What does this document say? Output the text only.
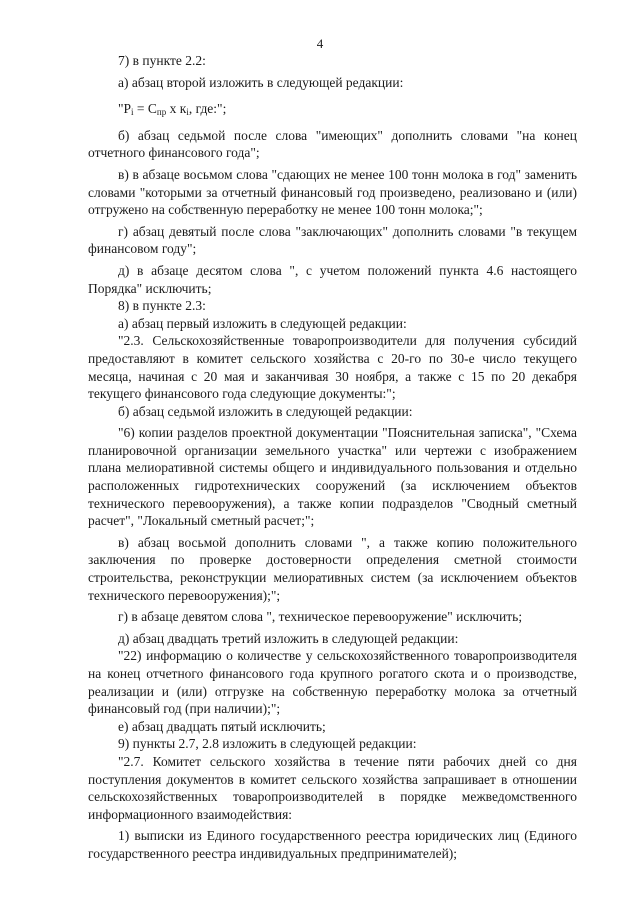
4

7) в пункте 2.2:

а) абзац второй изложить в следующей редакции:

"$P_i = С_{пр}$ х $к_i$, где:";

б) абзац седьмой после слова "имеющих" дополнить словами "на конец отчетного финансового года";

в) в абзаце восьмом слова "сдающих не менее 100 тонн молока в год" заменить словами "которыми за отчетный финансовый год произведено, реализовано и (или) отгружено на собственную переработку не менее 100 тонн молока;";

г) абзац девятый после слова "заключающих" дополнить словами "в текущем финансовом году";

д) в абзаце десятом слова ", с учетом положений пункта 4.6 настоящего Порядка" исключить;

8) в пункте 2.3:

а) абзац первый изложить в следующей редакции:

"2.3. Сельскохозяйственные товаропроизводители для получения субсидий предоставляют в комитет сельского хозяйства с 20-го по 30-е число текущего месяца, начиная с 20 мая и заканчивая 30 ноября, а также с 15 по 20 декабря текущего финансового года следующие документы:";

б) абзац седьмой изложить в следующей редакции:

"6) копии разделов проектной документации "Пояснительная записка", "Схема планировочной организации земельного участка" или чертежи с изображением плана мелиоративной системы общего и индивидуального пользования и отдельно расположенных гидротехнических сооружений (за исключением объектов технического перевооружения), а также копии подразделов "Сводный сметный расчет", "Локальный сметный расчет;";

в) абзац восьмой дополнить словами ", а также копию положительного заключения по проверке достоверности определения сметной стоимости строительства, реконструкции мелиоративных систем (за исключением объектов технического перевооружения);";

г) в абзаце девятом слова ", техническое перевооружение" исключить;

д) абзац двадцать третий изложить в следующей редакции:

"22) информацию о количестве у сельскохозяйственного товаропроизводителя на конец отчетного финансового года крупного рогатого скота и о производстве, реализации и (или) отгрузке на собственную переработку молока за отчетный финансовый год (при наличии);";

е) абзац двадцать пятый исключить;

9) пункты 2.7, 2.8 изложить в следующей редакции:

"2.7. Комитет сельского хозяйства в течение пяти рабочих дней со дня поступления документов в комитет сельского хозяйства запрашивает в отношении сельскохозяйственных товаропроизводителей в порядке межведомственного информационного взаимодействия:

1) выписки из Единого государственного реестра юридических лиц (Единого государственного реестра индивидуальных предпринимателей);
